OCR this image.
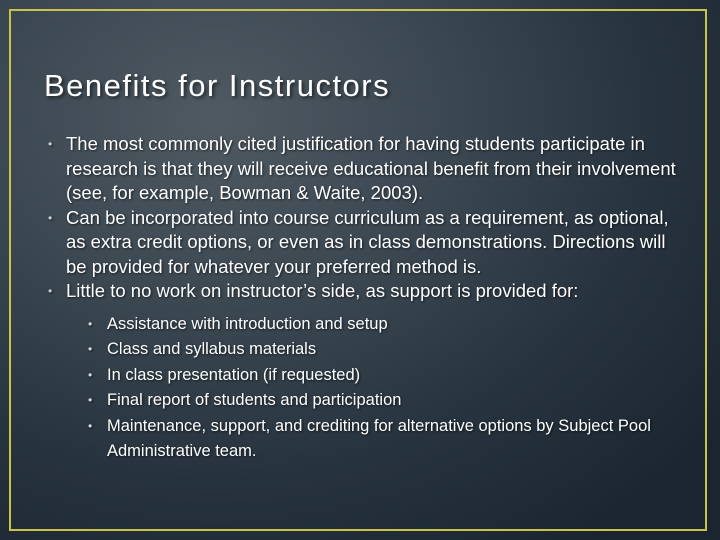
Benefits for Instructors
• The most commonly cited justification for having students participate in research is that they will receive educational benefit from their involvement (see, for example, Bowman & Waite, 2003).
• Can be incorporated into course curriculum as a requirement, as optional, as extra credit options, or even as in class demonstrations. Directions will be provided for whatever your preferred method is.
• Little to no work on instructor’s side, as support is provided for:
• Assistance with introduction and setup
• Class and syllabus materials
• In class presentation (if requested)
• Final report of students and participation
• Maintenance, support, and crediting for alternative options by Subject Pool Administrative team.
